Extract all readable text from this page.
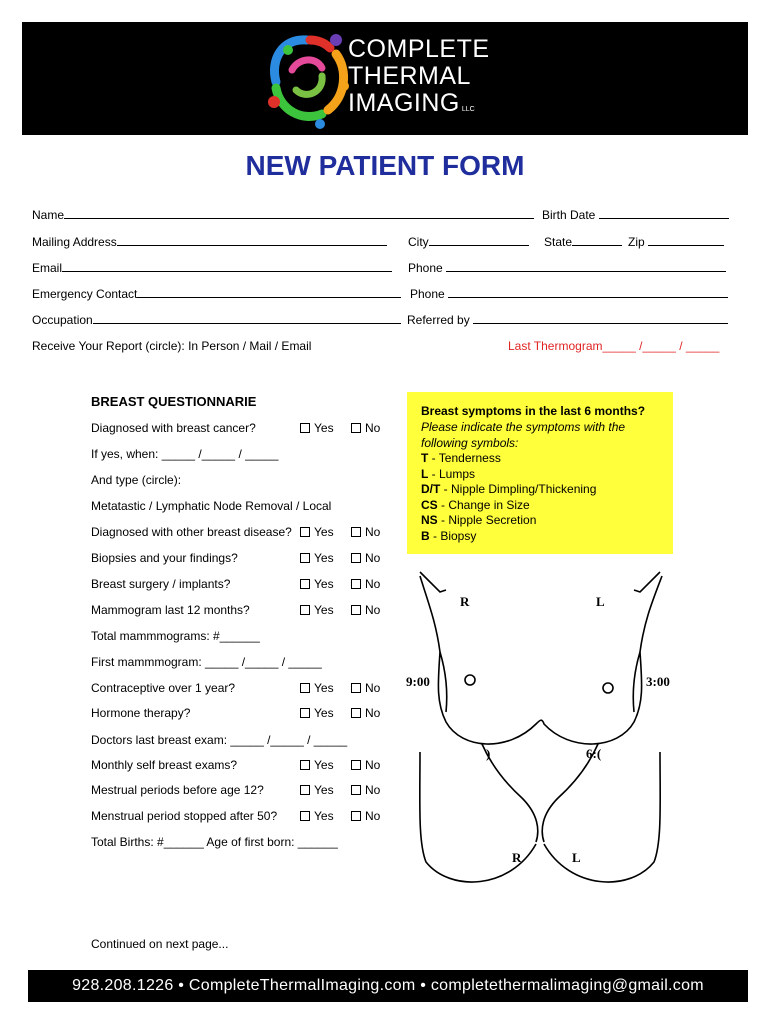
COMPLETE
THERMAL
IMAGING LLC
NEW PATIENT FORM
Name	Birth Date
Mailing Address	City	State	Zip
Email	Phone
Emergency Contact	Phone
Occupation	Referred by
Receive Your Report (circle): In Person / Mail / Email	Last Thermogram_____ /_____ / _____
BREAST QUESTIONNARIE
Diagnosed with breast cancer?	Yes	No
If yes, when: _____ /_____ / _____
And type (circle):
Metatastic / Lymphatic Node Removal / Local
Diagnosed with other breast disease?	Yes	No
Biopsies and your findings?	Yes	No
Breast surgery / implants?	Yes	No
Mammogram last 12 months?	Yes	No
Total mammmograms: #______
First mammmogram: _____ /_____ / _____
Contraceptive over 1 year?	Yes	No
Hormone therapy?	Yes	No
Doctors last breast exam: _____ /_____ / _____
Monthly self breast exams?	Yes	No
Mestrual periods before age 12?	Yes	No
Menstrual period stopped after 50?	Yes	No
Total Births: #______ Age of first born: ______
Continued on next page...
Breast symptoms in the last 6 months?
Please indicate the symptoms with the
following symbols:
T - Tenderness
L - Lumps
D/T - Nipple Dimpling/Thickening
CS - Change in Size
NS - Nipple Secretion
B - Biopsy
R	L
9:00	3:00
)	6:(
R	L
928.208.1226 • CompleteThermalImaging.com • completethermalimaging@gmail.com
